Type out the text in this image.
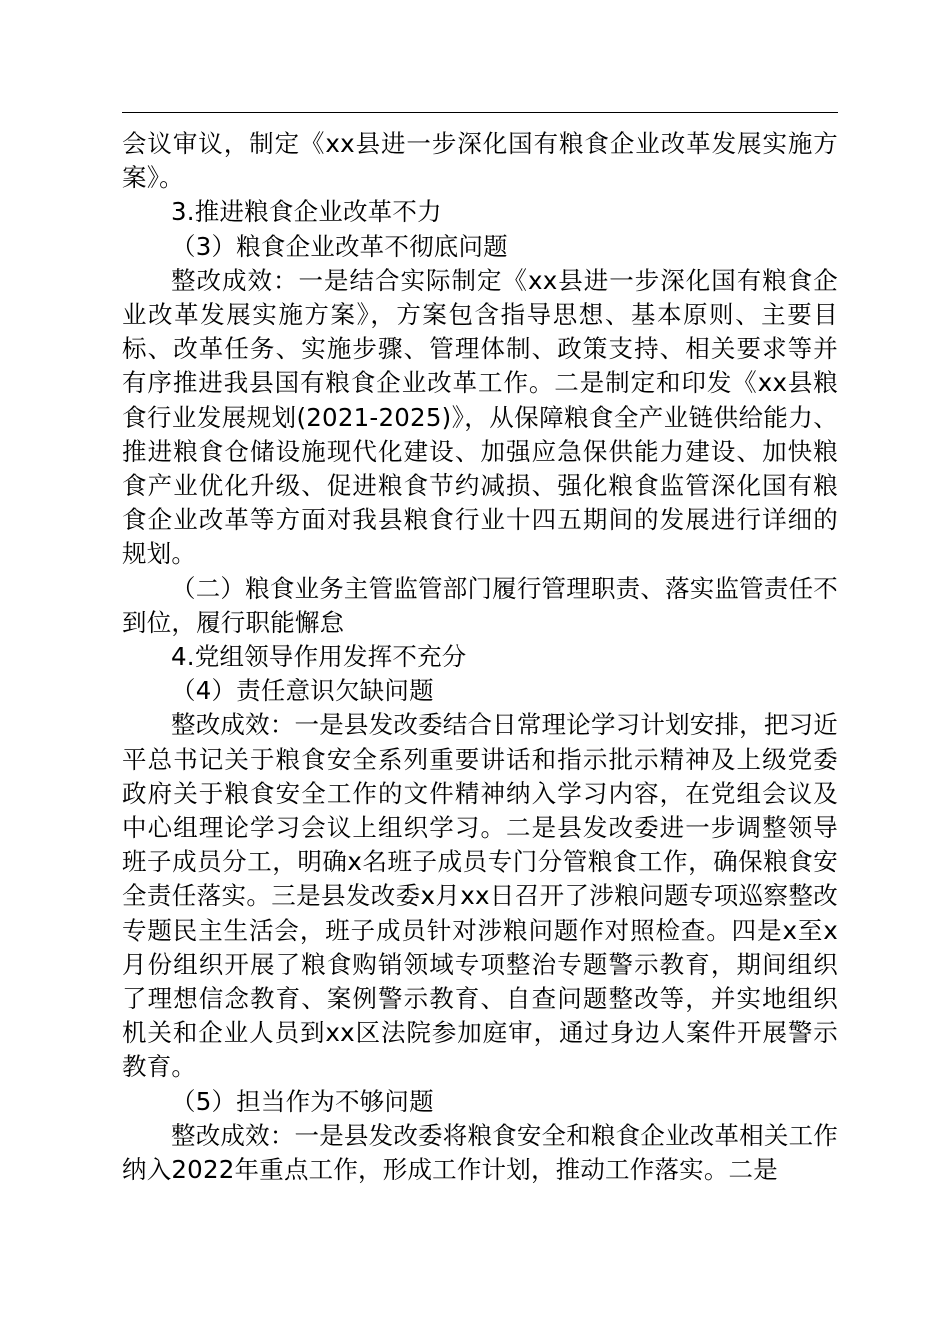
会议审议，制定《xx县进一步深化国有粮食企业改革发展实施方案》。

3.推进粮食企业改革不力

（3）粮食企业改革不彻底问题

整改成效：一是结合实际制定《xx县进一步深化国有粮食企业改革发展实施方案》，方案包含指导思想、基本原则、主要目标、改革任务、实施步骤、管理体制、政策支持、相关要求等并有序推进我县国有粮食企业改革工作。二是制定和印发《xx县粮食行业发展规划(2021-2025)》，从保障粮食全产业链供给能力、推进粮食仓储设施现代化建设、加强应急保供能力建设、加快粮食产业优化升级、促进粮食节约减损、强化粮食监管深化国有粮食企业改革等方面对我县粮食行业十四五期间的发展进行详细的规划。

（二）粮食业务主管监管部门履行管理职责、落实监管责任不到位，履行职能懈怠

4.党组领导作用发挥不充分

（4）责任意识欠缺问题

整改成效：一是县发改委结合日常理论学习计划安排，把习近平总书记关于粮食安全系列重要讲话和指示批示精神及上级党委政府关于粮食安全工作的文件精神纳入学习内容，在党组会议及中心组理论学习会议上组织学习。二是县发改委进一步调整领导班子成员分工，明确x名班子成员专门分管粮食工作，确保粮食安全责任落实。三是县发改委x月xx日召开了涉粮问题专项巡察整改专题民主生活会，班子成员针对涉粮问题作对照检查。四是x至x月份组织开展了粮食购销领域专项整治专题警示教育，期间组织了理想信念教育、案例警示教育、自查问题整改等，并实地组织机关和企业人员到xx区法院参加庭审，通过身边人案件开展警示教育。

（5）担当作为不够问题

整改成效：一是县发改委将粮食安全和粮食企业改革相关工作纳入2022年重点工作，形成工作计划，推动工作落实。二是
